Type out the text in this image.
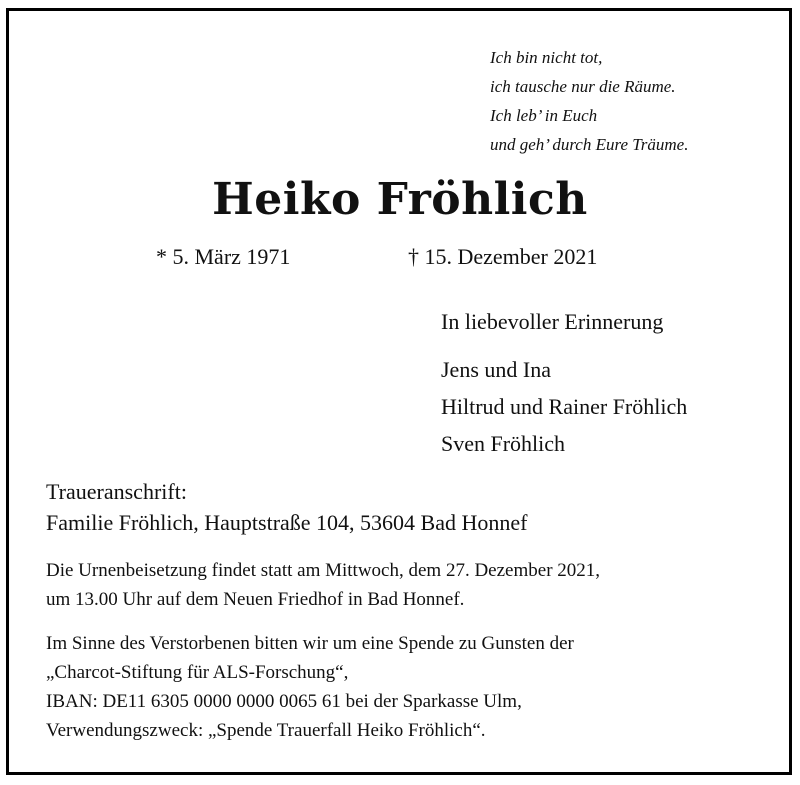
Ich bin nicht tot,
ich tausche nur die Räume.
Ich leb’ in Euch
und geh’ durch Eure Träume.
Heiko Fröhlich
* 5. März 1971	† 15. Dezember 2021
In liebevoller Erinnerung
Jens und Ina
Hiltrud und Rainer Fröhlich
Sven Fröhlich
Traueranschrift:
Familie Fröhlich, Hauptstraße 104, 53604 Bad Honnef
Die Urnenbeisetzung findet statt am Mittwoch, dem 27. Dezember 2021,
um 13.00 Uhr auf dem Neuen Friedhof in Bad Honnef.
Im Sinne des Verstorbenen bitten wir um eine Spende zu Gunsten der
„Charcot-Stiftung für ALS-Forschung“,
IBAN: DE11 6305 0000 0000 0065 61 bei der Sparkasse Ulm,
Verwendungszweck: „Spende Trauerfall Heiko Fröhlich“.
